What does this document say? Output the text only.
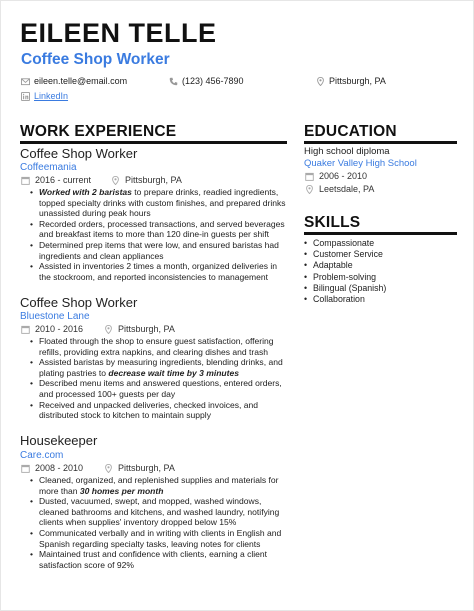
EILEEN TELLE
Coffee Shop Worker
eileen.telle@email.com	(123) 456-7890	Pittsburgh, PA
LinkedIn
WORK EXPERIENCE
Coffee Shop Worker
Coffeemania
2016 - current	Pittsburgh, PA
• Worked with 2 baristas to prepare drinks, readied ingredients, topped specialty drinks with custom finishes, and prepared drinks unassisted during peak hours
• Recorded orders, processed transactions, and served beverages and breakfast items to more than 120 dine-in guests per shift
• Determined prep items that were low, and ensured baristas had ingredients and clean appliances
• Assisted in inventories 2 times a month, organized deliveries in the stockroom, and reported inconsistencies to management
Coffee Shop Worker
Bluestone Lane
2010 - 2016	Pittsburgh, PA
• Floated through the shop to ensure guest satisfaction, offering refills, providing extra napkins, and clearing dishes and trash
• Assisted baristas by measuring ingredients, blending drinks, and plating pastries to decrease wait time by 3 minutes
• Described menu items and answered questions, entered orders, and processed 100+ guests per day
• Received and unpacked deliveries, checked invoices, and distributed stock to kitchen to maintain supply
Housekeeper
Care.com
2008 - 2010	Pittsburgh, PA
• Cleaned, organized, and replenished supplies and materials for more than 30 homes per month
• Dusted, vacuumed, swept, and mopped, washed windows, cleaned bathrooms and kitchens, and washed laundry, notifying clients when supplies' inventory dropped below 15%
• Communicated verbally and in writing with clients in English and Spanish regarding specialty tasks, leaving notes for clients
• Maintained trust and confidence with clients, earning a client satisfaction score of 92%
EDUCATION
High school diploma
Quaker Valley High School
2006 - 2010
Leetsdale, PA
SKILLS
• Compassionate
• Customer Service
• Adaptable
• Problem-solving
• Bilingual (Spanish)
• Collaboration
